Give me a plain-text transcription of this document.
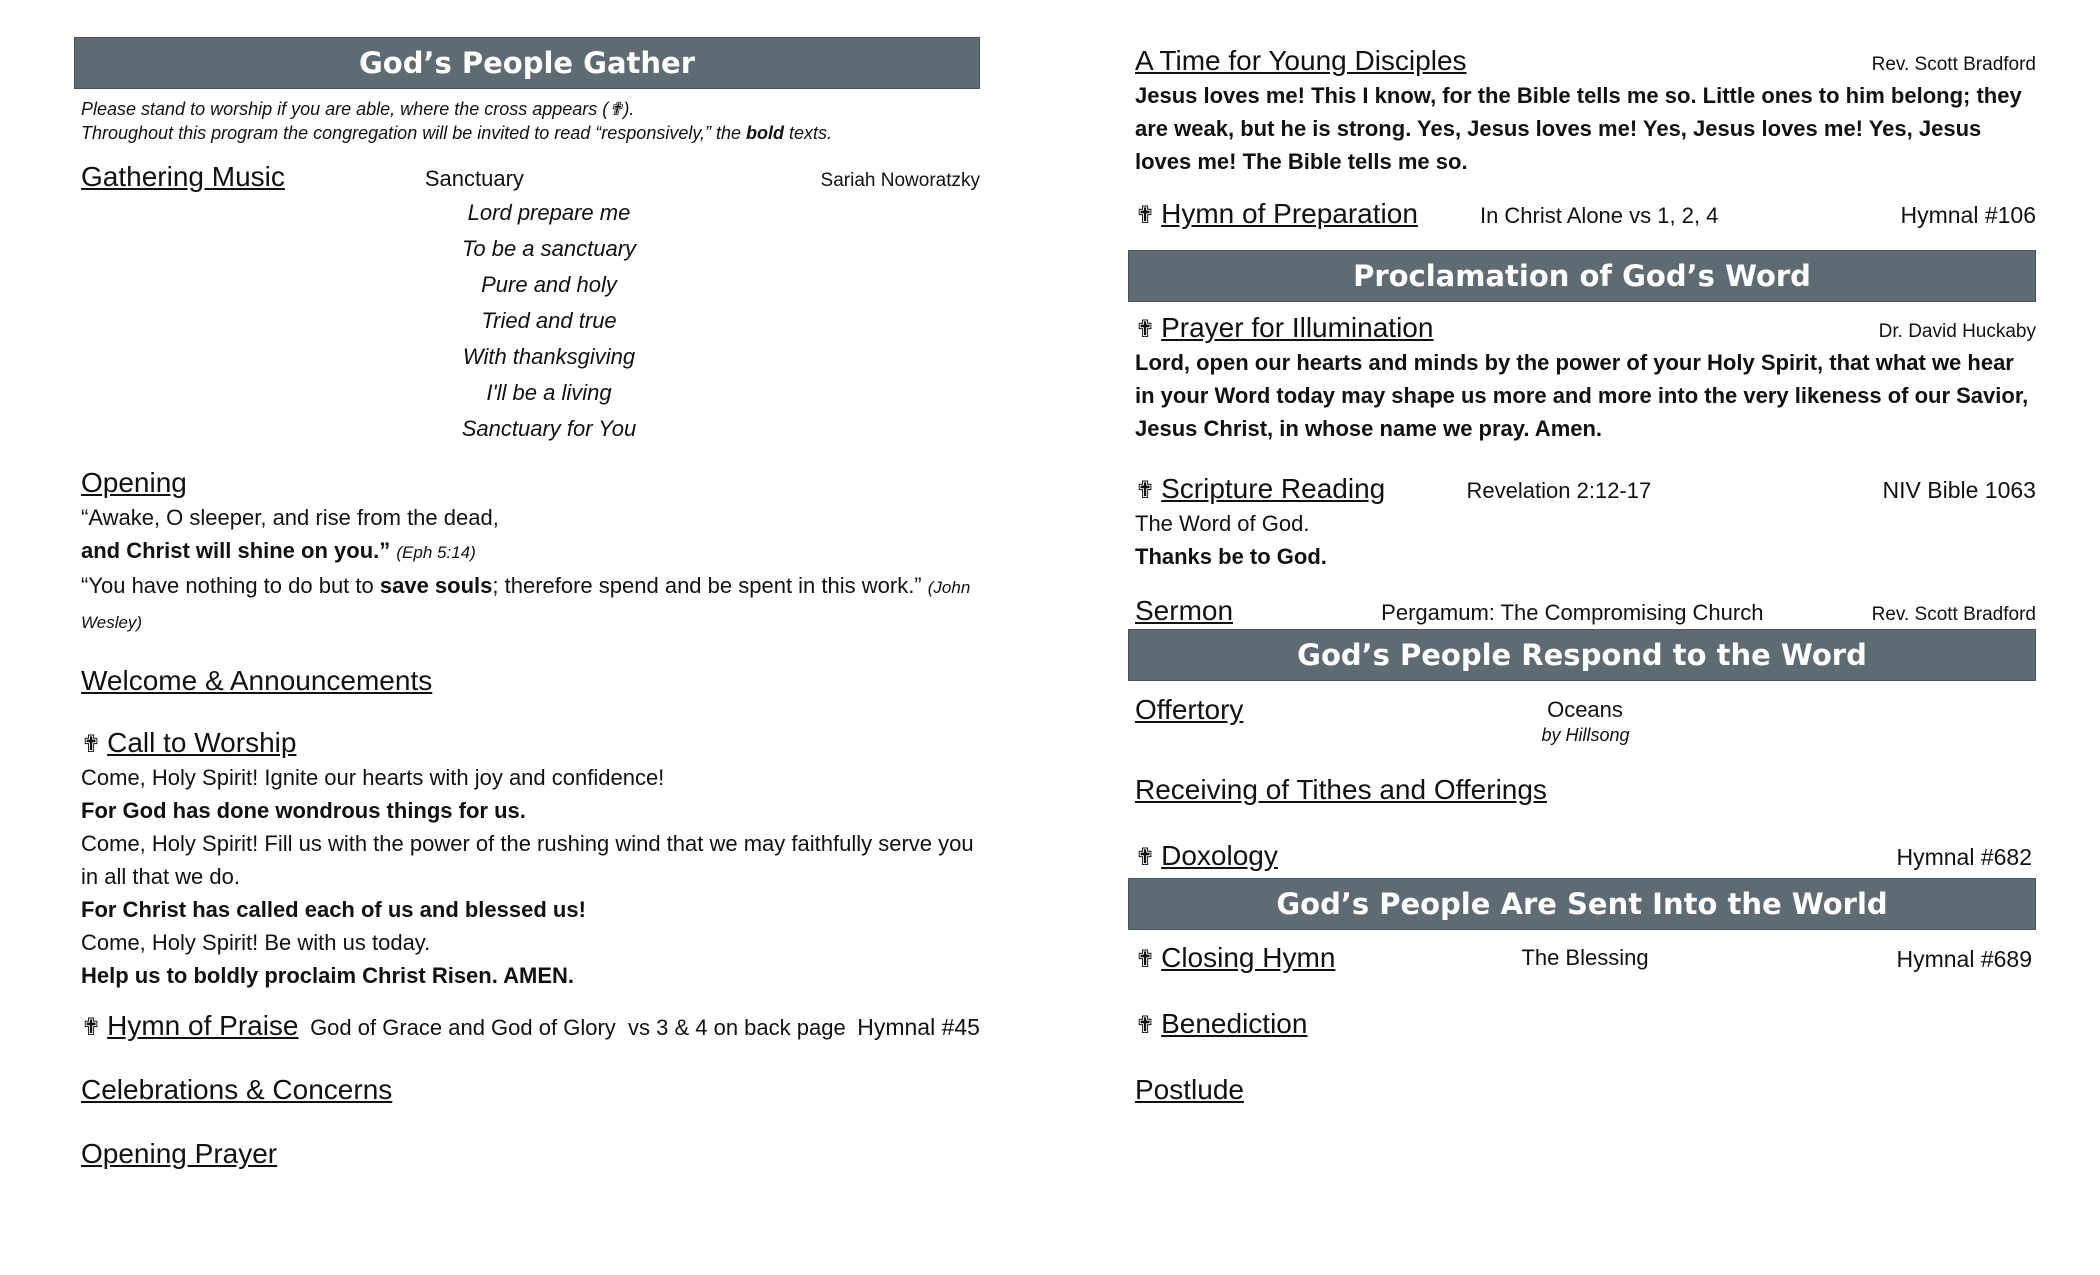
God’s People Gather
Please stand to worship if you are able, where the cross appears (✟).
Throughout this program the congregation will be invited to read “responsively,” the bold texts.
Gathering Music	Sanctuary	Sariah Noworatzky
Lord prepare me
To be a sanctuary
Pure and holy
Tried and true
With thanksgiving
I'll be a living
Sanctuary for You
Opening
“Awake, O sleeper, and rise from the dead,
and Christ will shine on you.” (Eph 5:14)
“You have nothing to do but to save souls; therefore spend and be spent in this work.” (John Wesley)
Welcome & Announcements
✟ Call to Worship
Come, Holy Spirit! Ignite our hearts with joy and confidence!
For God has done wondrous things for us.
Come, Holy Spirit! Fill us with the power of the rushing wind that we may faithfully serve you in all that we do.
For Christ has called each of us and blessed us!
Come, Holy Spirit! Be with us today.
Help us to boldly proclaim Christ Risen. AMEN.
✟ Hymn of Praise God of Grace and God of Glory  vs 3 & 4 on back page Hymnal #45
Celebrations & Concerns
Opening Prayer
A Time for Young Disciples	Rev. Scott Bradford
Jesus loves me! This I know, for the Bible tells me so. Little ones to him belong; they are weak, but he is strong. Yes, Jesus loves me! Yes, Jesus loves me! Yes, Jesus loves me! The Bible tells me so.
✟ Hymn of Preparation	In Christ Alone vs 1, 2, 4	Hymnal #106
Proclamation of God’s Word
✟ Prayer for Illumination	Dr. David Huckaby
Lord, open our hearts and minds by the power of your Holy Spirit, that what we hear in your Word today may shape us more and more into the very likeness of our Savior, Jesus Christ, in whose name we pray. Amen.
✟ Scripture Reading	Revelation 2:12-17	NIV Bible 1063
The Word of God.
Thanks be to God.
Sermon	Pergamum: The Compromising Church	Rev. Scott Bradford
God’s People Respond to the Word
Offertory	Oceans
by Hillsong
Receiving of Tithes and Offerings
✟ Doxology	Hymnal #682
God’s People Are Sent Into the World
✟ Closing Hymn	The Blessing	Hymnal #689
✟ Benediction
Postlude
